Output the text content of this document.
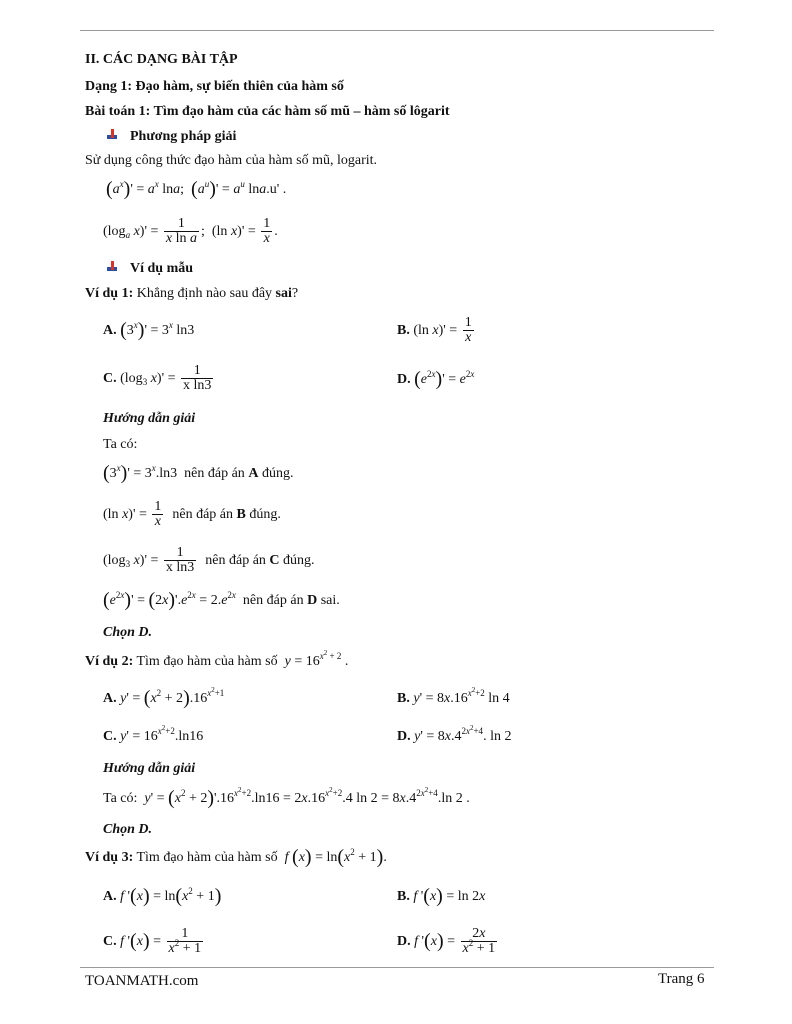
II. CÁC DẠNG BÀI TẬP
Dạng 1: Đạo hàm, sự biến thiên của hàm số
Bài toán 1: Tìm đạo hàm của các hàm số mũ – hàm số lôgarit
Phương pháp giải
Sử dụng công thức đạo hàm của hàm số mũ, logarit.
$(a^x)' = a^x$ lna;  $(a^u)' = a^u$ lna.u' .
($\log_a$ $x)' = \frac{1}{\text{x ln a}}$ ;  (ln $x)' = \frac{1}{x}$ .
Ví dụ mẫu
Ví dụ 1: Khẳng định nào sau đây sai?
A. $(3^x)' = 3^x$ ln3	B. (ln $x)' = \frac{1}{x}$
C. ($\log_3$ $x)' = \frac{1}{\text{x ln3}}$	D. $(e^{2x})' = e^{2x}$
Hướng dẫn giải
Ta có:
$(3^x)' = 3^x.\ln 3$  nên đáp án A đúng.
(ln $x)' = \frac{1}{x}$ nên đáp án B đúng.
($\log_3$ $x)' = \frac{1}{\text{x ln3}}$ nên đáp án C đúng.
$(e^{2x})' = (2x)'.e^{2x} = 2.e^{2x}$ nên đáp án D sai.
Chọn D.
Ví dụ 2: Tìm đạo hàm của hàm số $y = 16^{x^2 + 2}$ .
A. $y' = (x^2 + 2).16^{x^2+1}$	B. $y' = 8x.16^{x^2+2}$ ln 4
C. $y' = 16^{x^2+2}.\ln 16$	D. $y' = 8x.4^{2x^2+4}$. ln 2
Hướng dẫn giải
Ta có: $y' = (x^2 + 2)'.16^{x^2+2}.\ln 16 = 2x.16^{x^2+2}.4$ $\ln 2 = 8x.4^{2x^2+4}.\ln$ 2 .
Chọn D.
Ví dụ 3: Tìm đạo hàm của hàm số f $(x) = \ln(x^2 + 1)$.
A. f '$(x) = \ln(x^2 + 1)$	B. f '(x) = ln 2x
C. f '$(x) = \frac{1}{x^2 + 1}$	D. f '$(x) = \frac{2x}{x^2 + 1}$
TOANMATH.com	Trang 6
